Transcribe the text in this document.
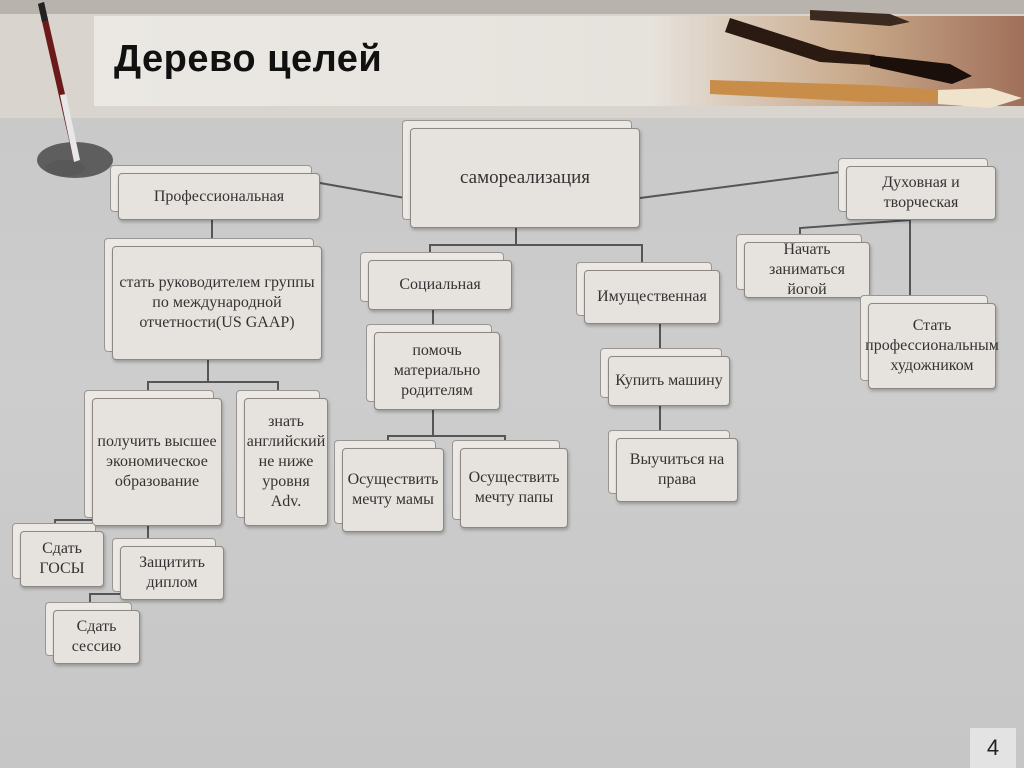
Дерево целей
самореализация
Профессиональная
Духовная и творческая
Социальная
Имущественная
стать руководителем группы по международной отчетности(US GAAP)
помочь материально родителям
Купить машину
Начать заниматься йогой
Стать профессиональным художником
получить высшее экономическое образование
знать английский не ниже уровня Adv.
Осуществить мечту мамы
Осуществить мечту папы
Выучиться на права
Сдать ГОСЫ	Защитить диплом
Сдать сессию
4
